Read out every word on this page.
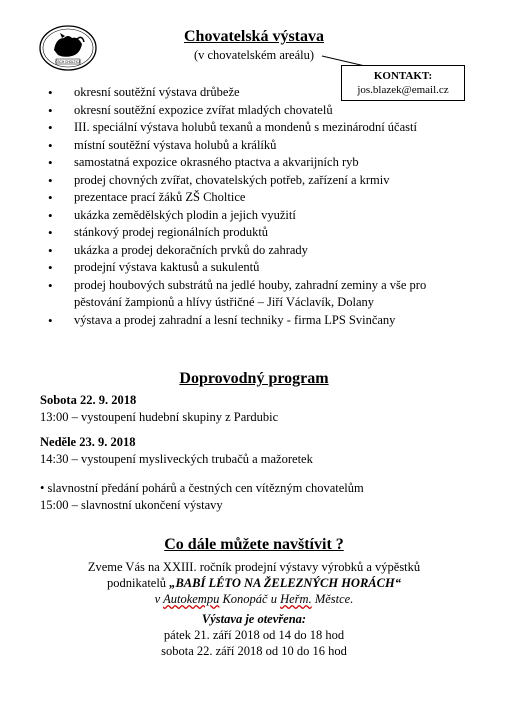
ČSCH CHOLTICE
Chovatelská výstava
(v chovatelském areálu)
KONTAKT:
jos.blazek@email.cz
• okresní soutěžní výstava drůbeže
• okresní soutěžní expozice zvířat mladých chovatelů
• III. speciální výstava holubů texanů a mondenů s mezinárodní účastí
• místní soutěžní výstava holubů a králíků
• samostatná expozice okrasného ptactva a akvarijních ryb
• prodej chovných zvířat, chovatelských potřeb, zařízení a krmiv
• prezentace prací žáků ZŠ Choltice
• ukázka zemědělských plodin a jejich využití
• stánkový prodej regionálních produktů
• ukázka a prodej dekoračních prvků do zahrady
• prodejní výstava kaktusů a sukulentů
• prodej houbových substrátů na jedlé houby, zahradní zeminy a vše pro pěstování žampionů a hlívy ústřičné – Jiří Václavík, Dolany
• výstava a prodej zahradní a lesní techniky - firma LPS Svinčany
Doprovodný program
Sobota 22. 9. 2018
13:00 – vystoupení hudební skupiny z Pardubic
Neděle 23. 9. 2018
14:30 – vystoupení mysliveckých trubačů a mažoretek
• slavnostní předání pohárů a čestných cen vítězným chovatelům
15:00 – slavnostní ukončení výstavy
Co dále můžete navštívit ?
Zveme Vás na XXIII. ročník prodejní výstavy výrobků a výpěstků
podnikatelů „BABÍ LÉTO NA ŽELEZNÝCH HORÁCH“
v Autokempu Konopáč u Heřm. Městce.
Výstava je otevřena:
pátek 21. září 2018 od 14 do 18 hod
sobota 22. září 2018 od 10 do 16 hod
